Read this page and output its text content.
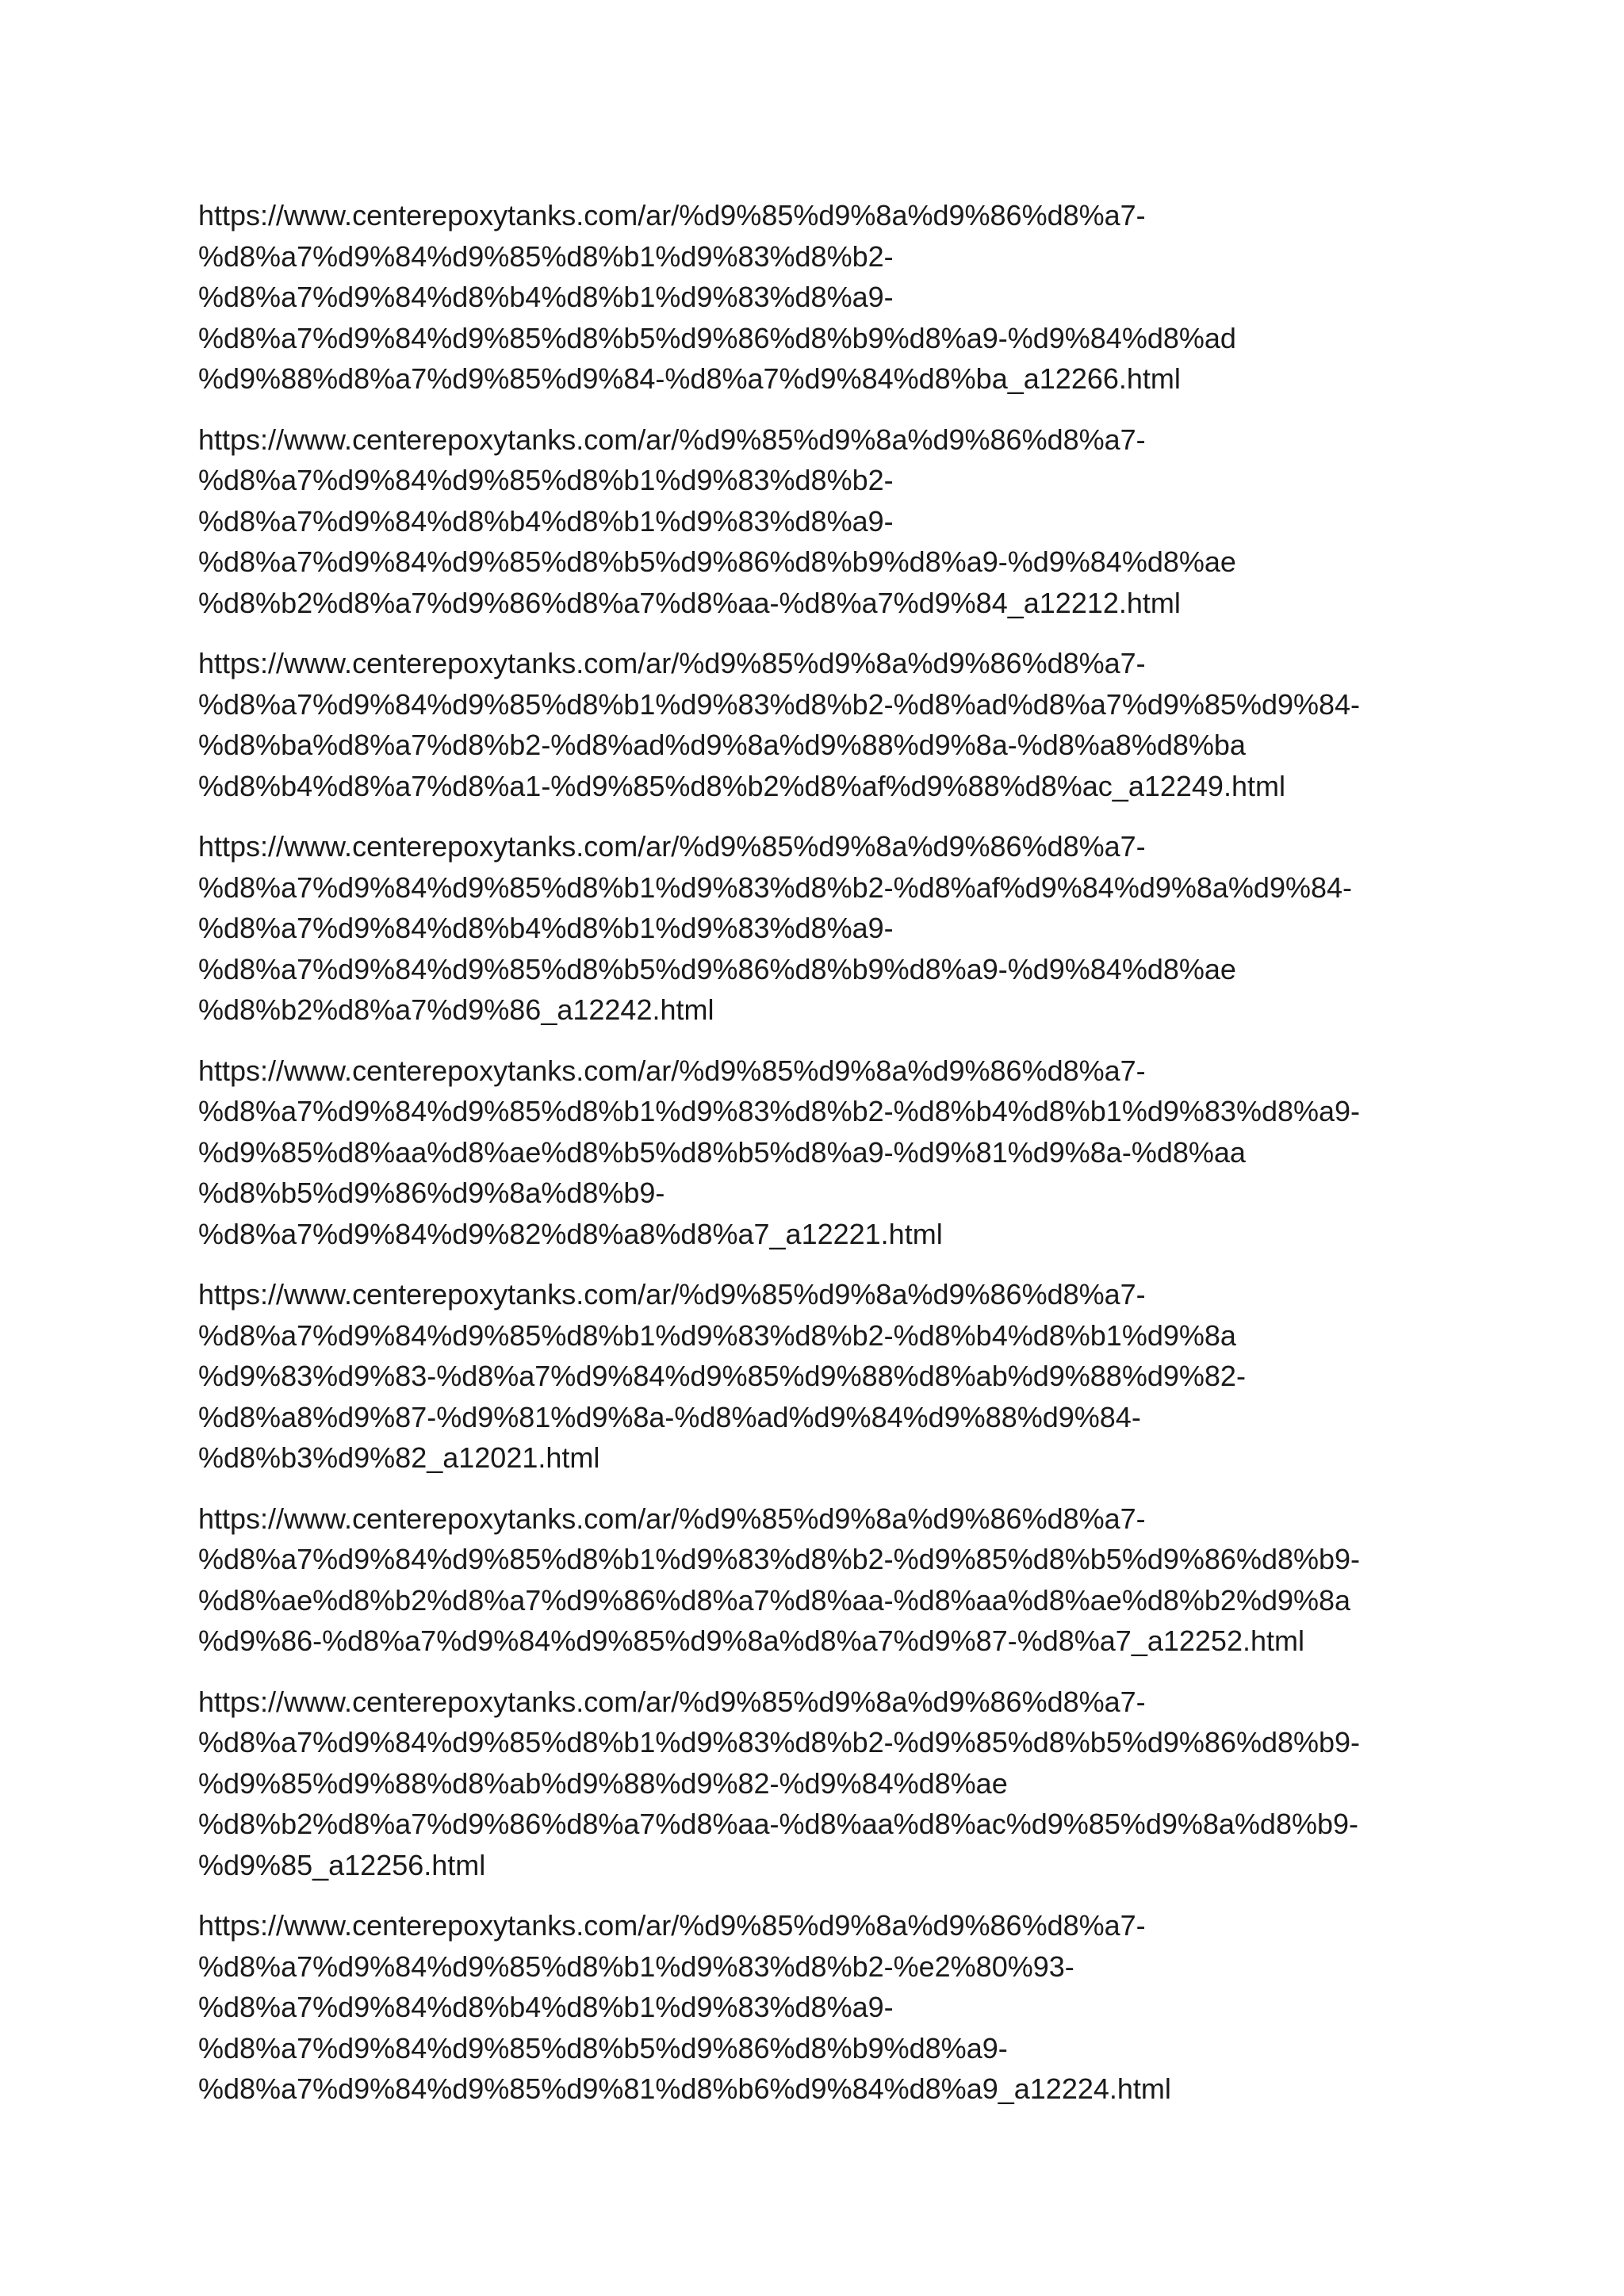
https://www.centerepoxytanks.com/ar/%d9%85%d9%8a%d9%86%d8%a7-
%d8%a7%d9%84%d9%85%d8%b1%d9%83%d8%b2-
%d8%a7%d9%84%d8%b4%d8%b1%d9%83%d8%a9-
%d8%a7%d9%84%d9%85%d8%b5%d9%86%d8%b9%d8%a9-%d9%84%d8%ad
%d9%88%d8%a7%d9%85%d9%84-%d8%a7%d9%84%d8%ba_a12266.html
https://www.centerepoxytanks.com/ar/%d9%85%d9%8a%d9%86%d8%a7-
%d8%a7%d9%84%d9%85%d8%b1%d9%83%d8%b2-
%d8%a7%d9%84%d8%b4%d8%b1%d9%83%d8%a9-
%d8%a7%d9%84%d9%85%d8%b5%d9%86%d8%b9%d8%a9-%d9%84%d8%ae
%d8%b2%d8%a7%d9%86%d8%a7%d8%aa-%d8%a7%d9%84_a12212.html
https://www.centerepoxytanks.com/ar/%d9%85%d9%8a%d9%86%d8%a7-
%d8%a7%d9%84%d9%85%d8%b1%d9%83%d8%b2-%d8%ad%d8%a7%d9%85%d9%84-
%d8%ba%d8%a7%d8%b2-%d8%ad%d9%8a%d9%88%d9%8a-%d8%a8%d8%ba
%d8%b4%d8%a7%d8%a1-%d9%85%d8%b2%d8%af%d9%88%d8%ac_a12249.html
https://www.centerepoxytanks.com/ar/%d9%85%d9%8a%d9%86%d8%a7-
%d8%a7%d9%84%d9%85%d8%b1%d9%83%d8%b2-%d8%af%d9%84%d9%8a%d9%84-
%d8%a7%d9%84%d8%b4%d8%b1%d9%83%d8%a9-
%d8%a7%d9%84%d9%85%d8%b5%d9%86%d8%b9%d8%a9-%d9%84%d8%ae
%d8%b2%d8%a7%d9%86_a12242.html
https://www.centerepoxytanks.com/ar/%d9%85%d9%8a%d9%86%d8%a7-
%d8%a7%d9%84%d9%85%d8%b1%d9%83%d8%b2-%d8%b4%d8%b1%d9%83%d8%a9-
%d9%85%d8%aa%d8%ae%d8%b5%d8%b5%d8%a9-%d9%81%d9%8a-%d8%aa
%d8%b5%d9%86%d9%8a%d8%b9-
%d8%a7%d9%84%d9%82%d8%a8%d8%a7_a12221.html
https://www.centerepoxytanks.com/ar/%d9%85%d9%8a%d9%86%d8%a7-
%d8%a7%d9%84%d9%85%d8%b1%d9%83%d8%b2-%d8%b4%d8%b1%d9%8a
%d9%83%d9%83-%d8%a7%d9%84%d9%85%d9%88%d8%ab%d9%88%d9%82-
%d8%a8%d9%87-%d9%81%d9%8a-%d8%ad%d9%84%d9%88%d9%84-
%d8%b3%d9%82_a12021.html
https://www.centerepoxytanks.com/ar/%d9%85%d9%8a%d9%86%d8%a7-
%d8%a7%d9%84%d9%85%d8%b1%d9%83%d8%b2-%d9%85%d8%b5%d9%86%d8%b9-
%d8%ae%d8%b2%d8%a7%d9%86%d8%a7%d8%aa-%d8%aa%d8%ae%d8%b2%d9%8a
%d9%86-%d8%a7%d9%84%d9%85%d9%8a%d8%a7%d9%87-%d8%a7_a12252.html
https://www.centerepoxytanks.com/ar/%d9%85%d9%8a%d9%86%d8%a7-
%d8%a7%d9%84%d9%85%d8%b1%d9%83%d8%b2-%d9%85%d8%b5%d9%86%d8%b9-
%d9%85%d9%88%d8%ab%d9%88%d9%82-%d9%84%d8%ae
%d8%b2%d8%a7%d9%86%d8%a7%d8%aa-%d8%aa%d8%ac%d9%85%d9%8a%d8%b9-
%d9%85_a12256.html
https://www.centerepoxytanks.com/ar/%d9%85%d9%8a%d9%86%d8%a7-
%d8%a7%d9%84%d9%85%d8%b1%d9%83%d8%b2-%e2%80%93-
%d8%a7%d9%84%d8%b4%d8%b1%d9%83%d8%a9-
%d8%a7%d9%84%d9%85%d8%b5%d9%86%d8%b9%d8%a9-
%d8%a7%d9%84%d9%85%d9%81%d8%b6%d9%84%d8%a9_a12224.html
